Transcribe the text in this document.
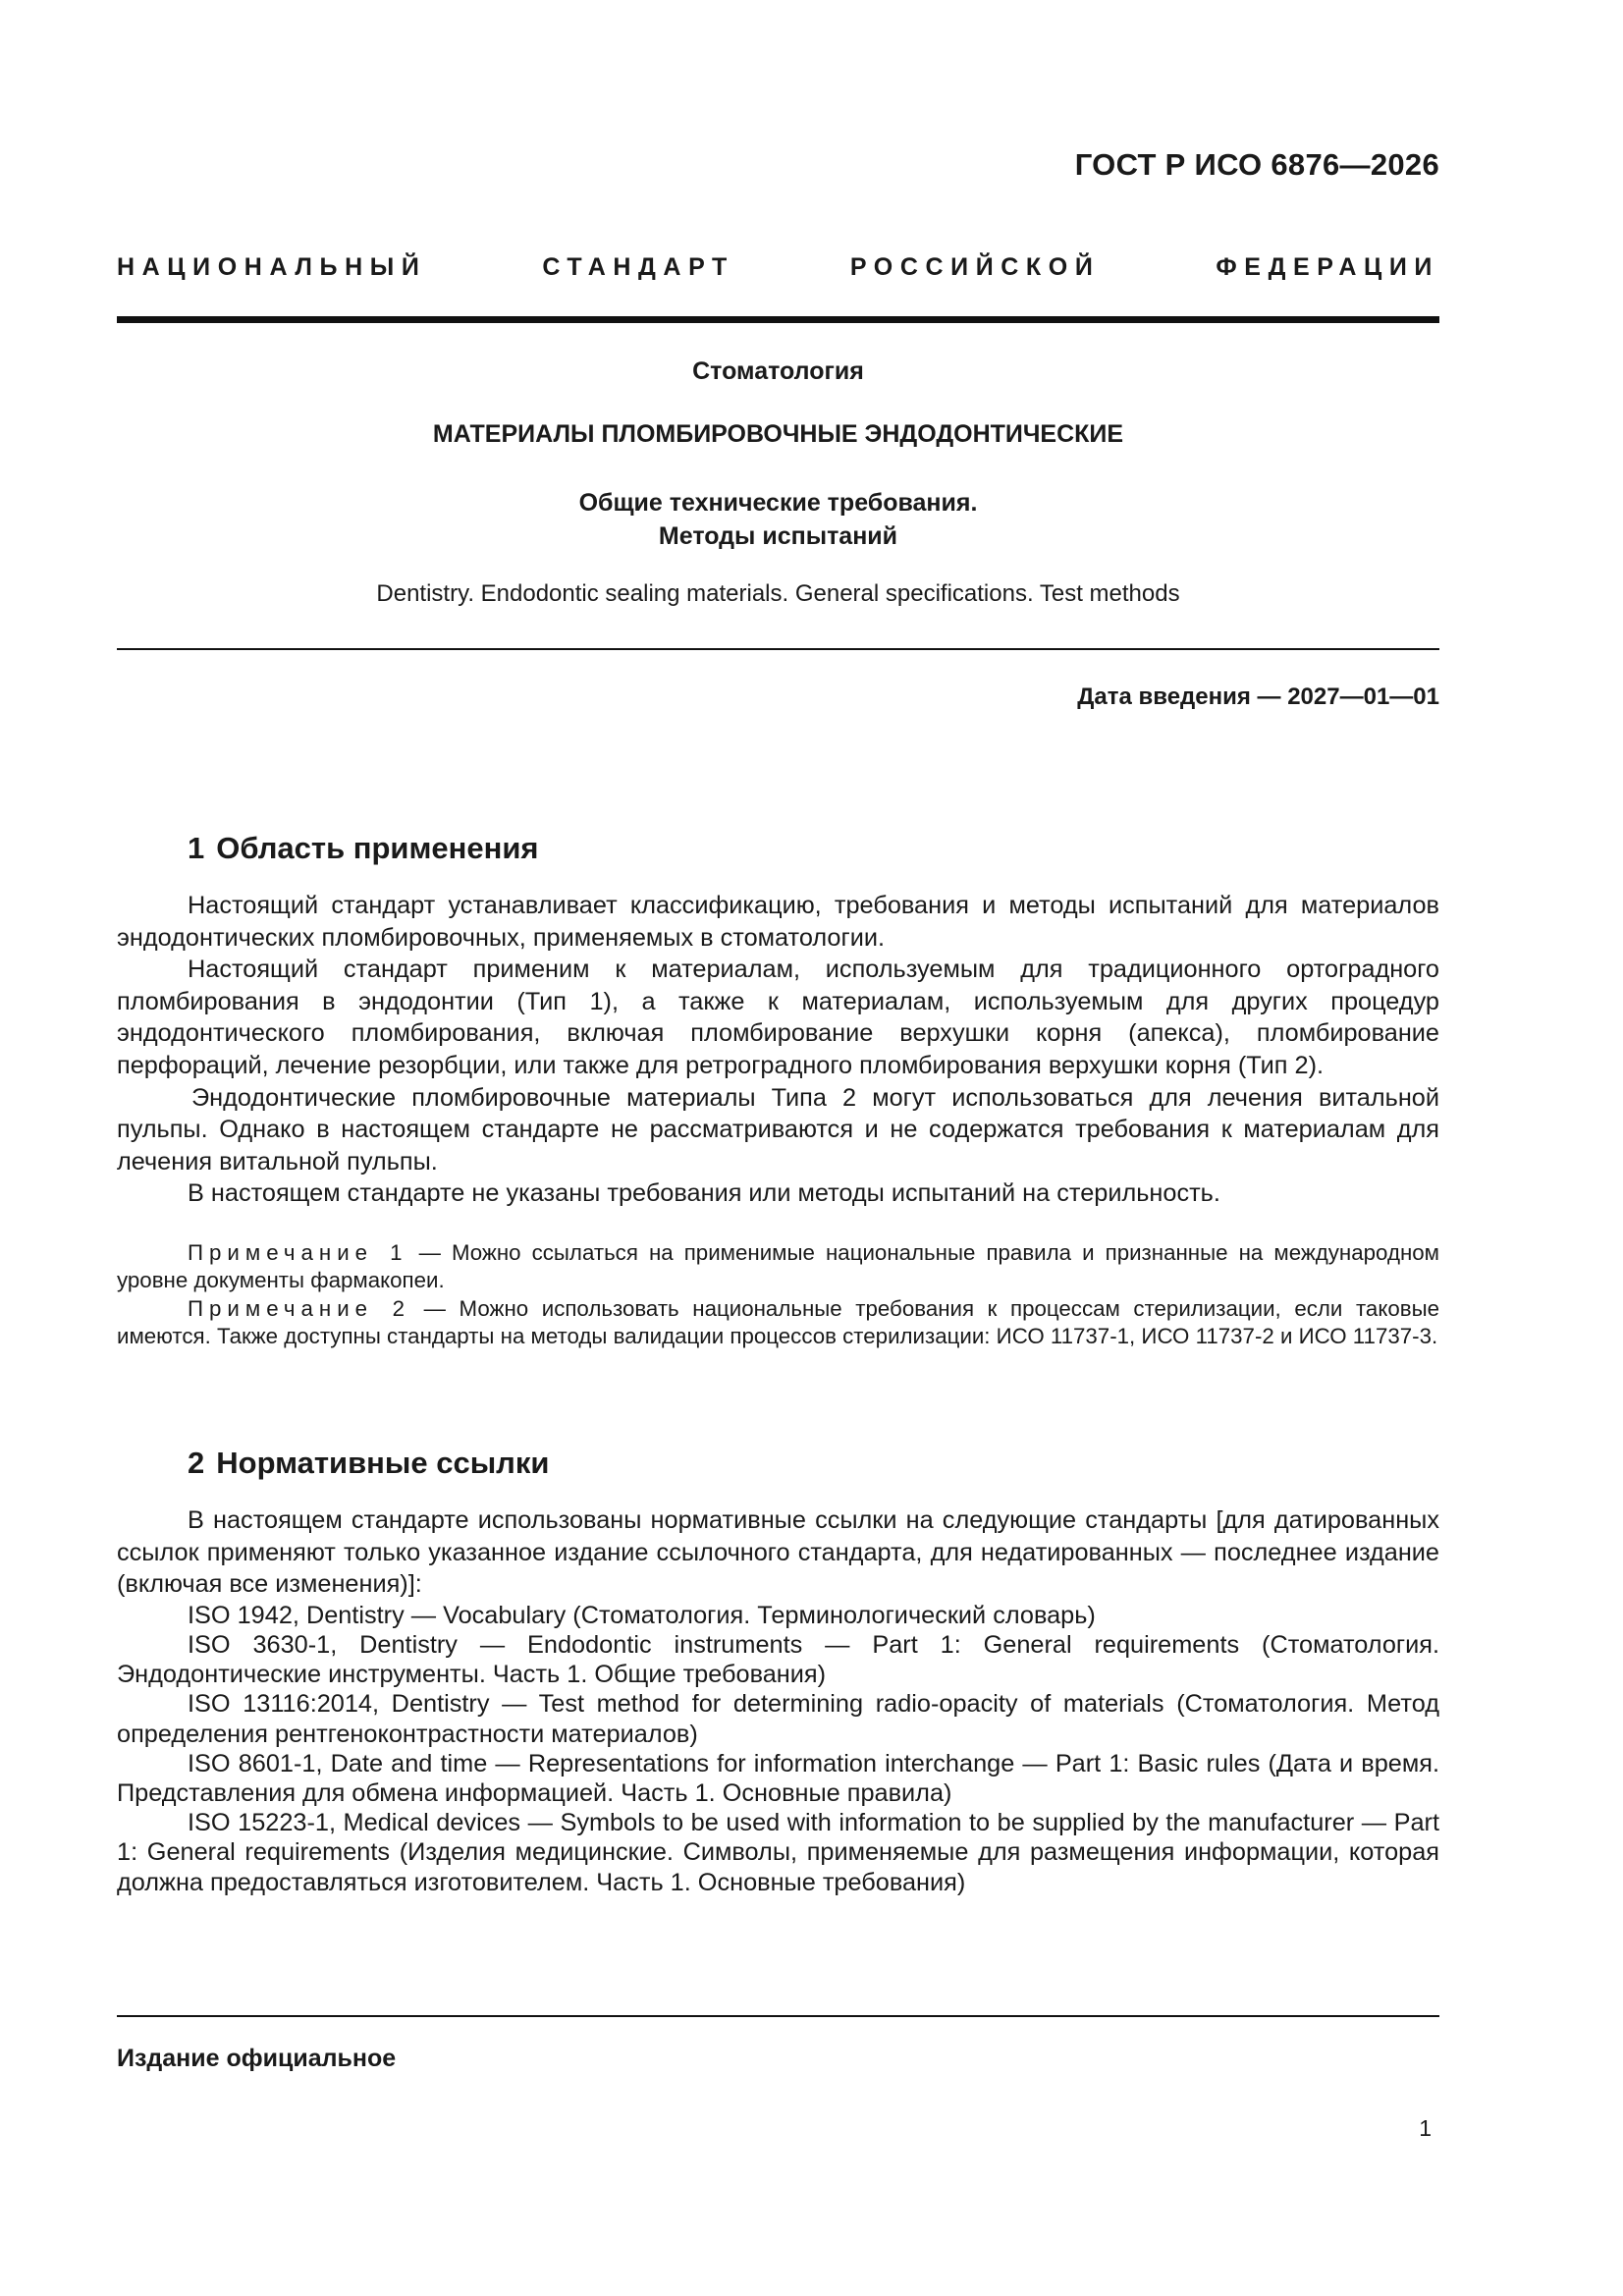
ГОСТ Р ИСО 6876—2026

НАЦИОНАЛЬНЫЙ СТАНДАРТ РОССИЙСКОЙ ФЕДЕРАЦИИ

Стоматология

МАТЕРИАЛЫ ПЛОМБИРОВОЧНЫЕ ЭНДОДОНТИЧЕСКИЕ

Общие технические требования.
Методы испытаний

Dentistry. Endodontic sealing materials. General specifications. Test methods

Дата введения — 2027—01—01

1 Область применения

Настоящий стандарт устанавливает классификацию, требования и методы испытаний для материалов эндодонтических пломбировочных, применяемых в стоматологии.

Настоящий стандарт применим к материалам, используемым для традиционного ортоградного пломбирования в эндодонтии (Тип 1), а также к материалам, используемым для других процедур эндодонтического пломбирования, включая пломбирование верхушки корня (апекса), пломбирование перфораций, лечение резорбции, или также для ретроградного пломбирования верхушки корня (Тип 2).

Эндодонтические пломбировочные материалы Типа 2 могут использоваться для лечения витальной пульпы. Однако в настоящем стандарте не рассматриваются и не содержатся требования к материалам для лечения витальной пульпы.

В настоящем стандарте не указаны требования или методы испытаний на стерильность.

Примечание 1 — Можно ссылаться на применимые национальные правила и признанные на международном уровне документы фармакопеи.

Примечание 2 — Можно использовать национальные требования к процессам стерилизации, если таковые имеются. Также доступны стандарты на методы валидации процессов стерилизации: ИСО 11737-1, ИСО 11737-2 и ИСО 11737-3.

2 Нормативные ссылки

В настоящем стандарте использованы нормативные ссылки на следующие стандарты [для датированных ссылок применяют только указанное издание ссылочного стандарта, для недатированных — последнее издание (включая все изменения)]:

ISO 1942, Dentistry — Vocabulary (Стоматология. Терминологический словарь)

ISO 3630-1, Dentistry — Endodontic instruments — Part 1: General requirements (Стоматология. Эндодонтические инструменты. Часть 1. Общие требования)

ISO 13116:2014, Dentistry — Test method for determining radio-opacity of materials (Стоматология. Метод определения рентгеноконтрастности материалов)

ISO 8601-1, Date and time — Representations for information interchange — Part 1: Basic rules (Дата и время. Представления для обмена информацией. Часть 1. Основные правила)

ISO 15223-1, Medical devices — Symbols to be used with information to be supplied by the manufacturer — Part 1: General requirements (Изделия медицинские. Символы, применяемые для размещения информации, которая должна предоставляться изготовителем. Часть 1. Основные требования)

Издание официальное

1
